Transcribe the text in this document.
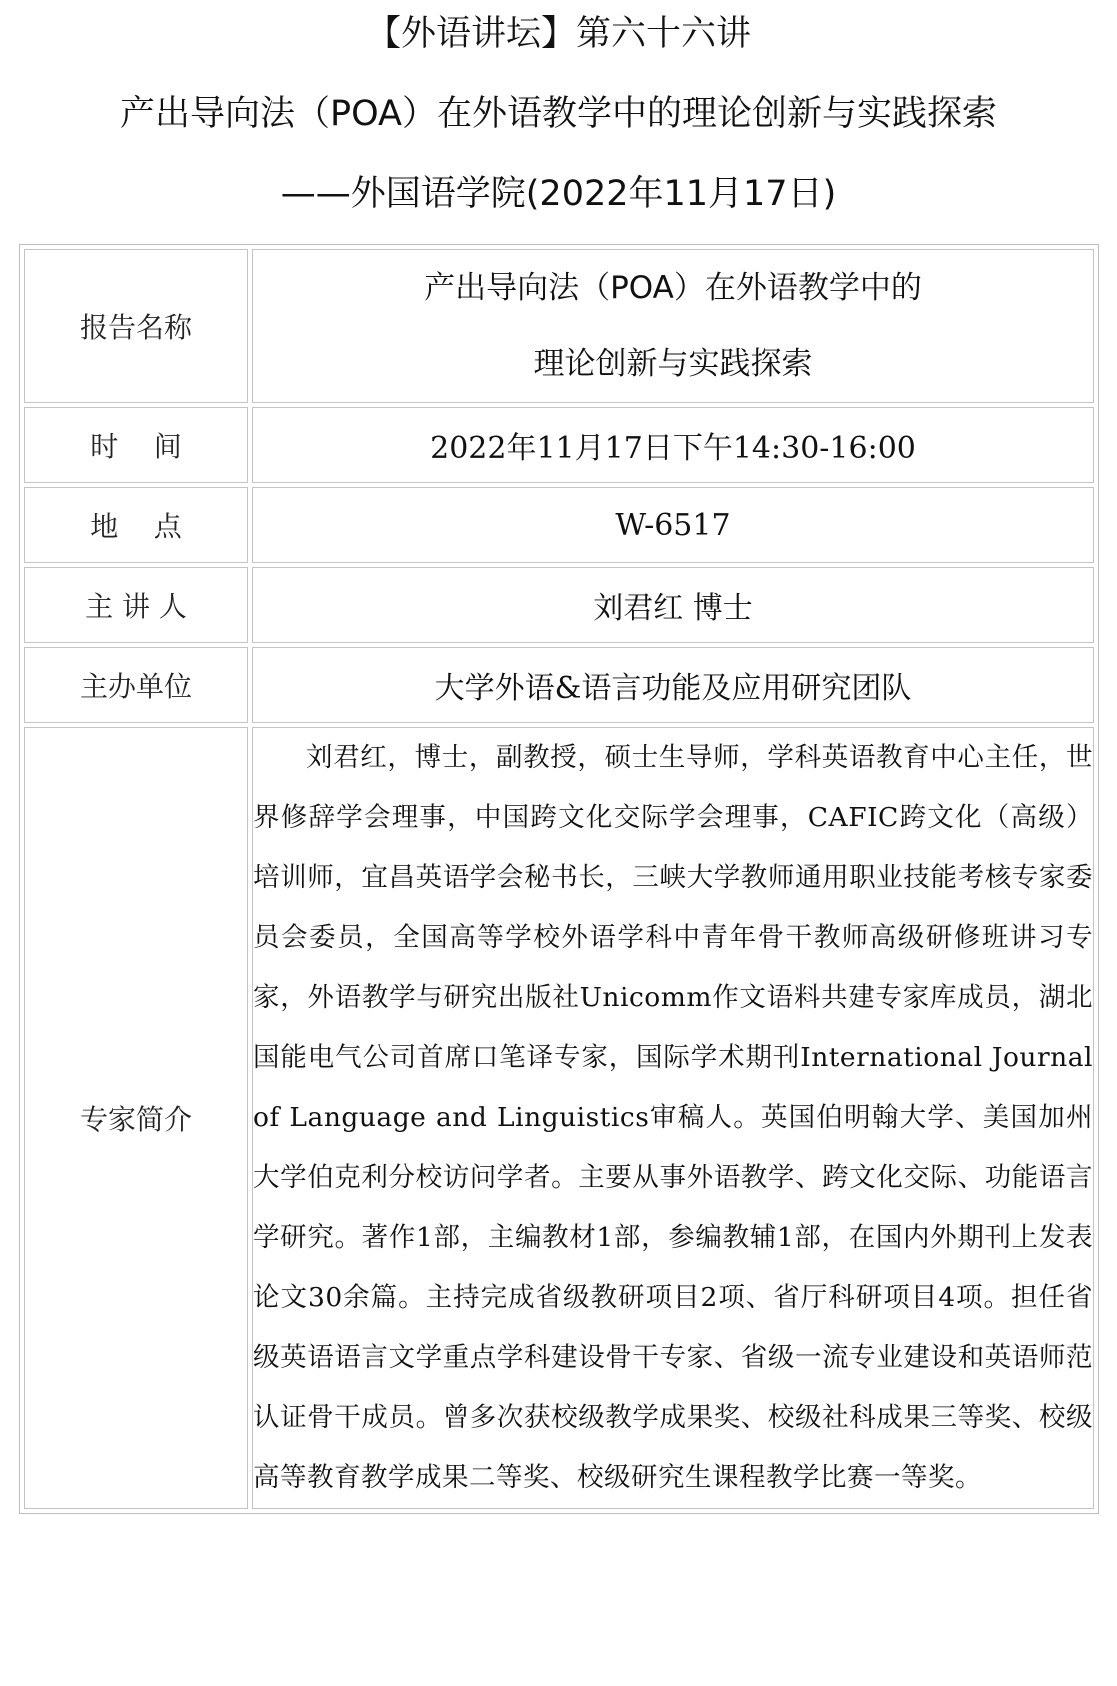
【外语讲坛】第六十六讲
产出导向法（POA）在外语教学中的理论创新与实践探索
——外国语学院(2022年11月17日)
报告名称	产出导向法（POA）在外语教学中的
理论创新与实践探索

时    间	2022年11月17日下午14:30-16:00
地    点	W-6517
主 讲 人	刘君红 博士
主办单位	大学外语&语言功能及应用研究团队
专家简介	刘君红，博士，副教授，硕士生导师，学科英语教育中心主任，世界修辞学会理事，中国跨文化交际学会理事，CAFIC跨文化（高级）培训师，宜昌英语学会秘书长，三峡大学教师通用职业技能考核专家委员会委员，全国高等学校外语学科中青年骨干教师高级研修班讲习专家，外语教学与研究出版社Unicomm作文语料共建专家库成员，湖北国能电气公司首席口笔译专家，国际学术期刊International Journal of Language and Linguistics审稿人。英国伯明翰大学、美国加州大学伯克利分校访问学者。主要从事外语教学、跨文化交际、功能语言学研究。著作1部，主编教材1部，参编教辅1部，在国内外期刊上发表论文30余篇。主持完成省级教研项目2项、省厅科研项目4项。担任省级英语语言文学重点学科建设骨干专家、省级一流专业建设和英语师范认证骨干成员。曾多次获校级教学成果奖、校级社科成果三等奖、校级高等教育教学成果二等奖、校级研究生课程教学比赛一等奖。
